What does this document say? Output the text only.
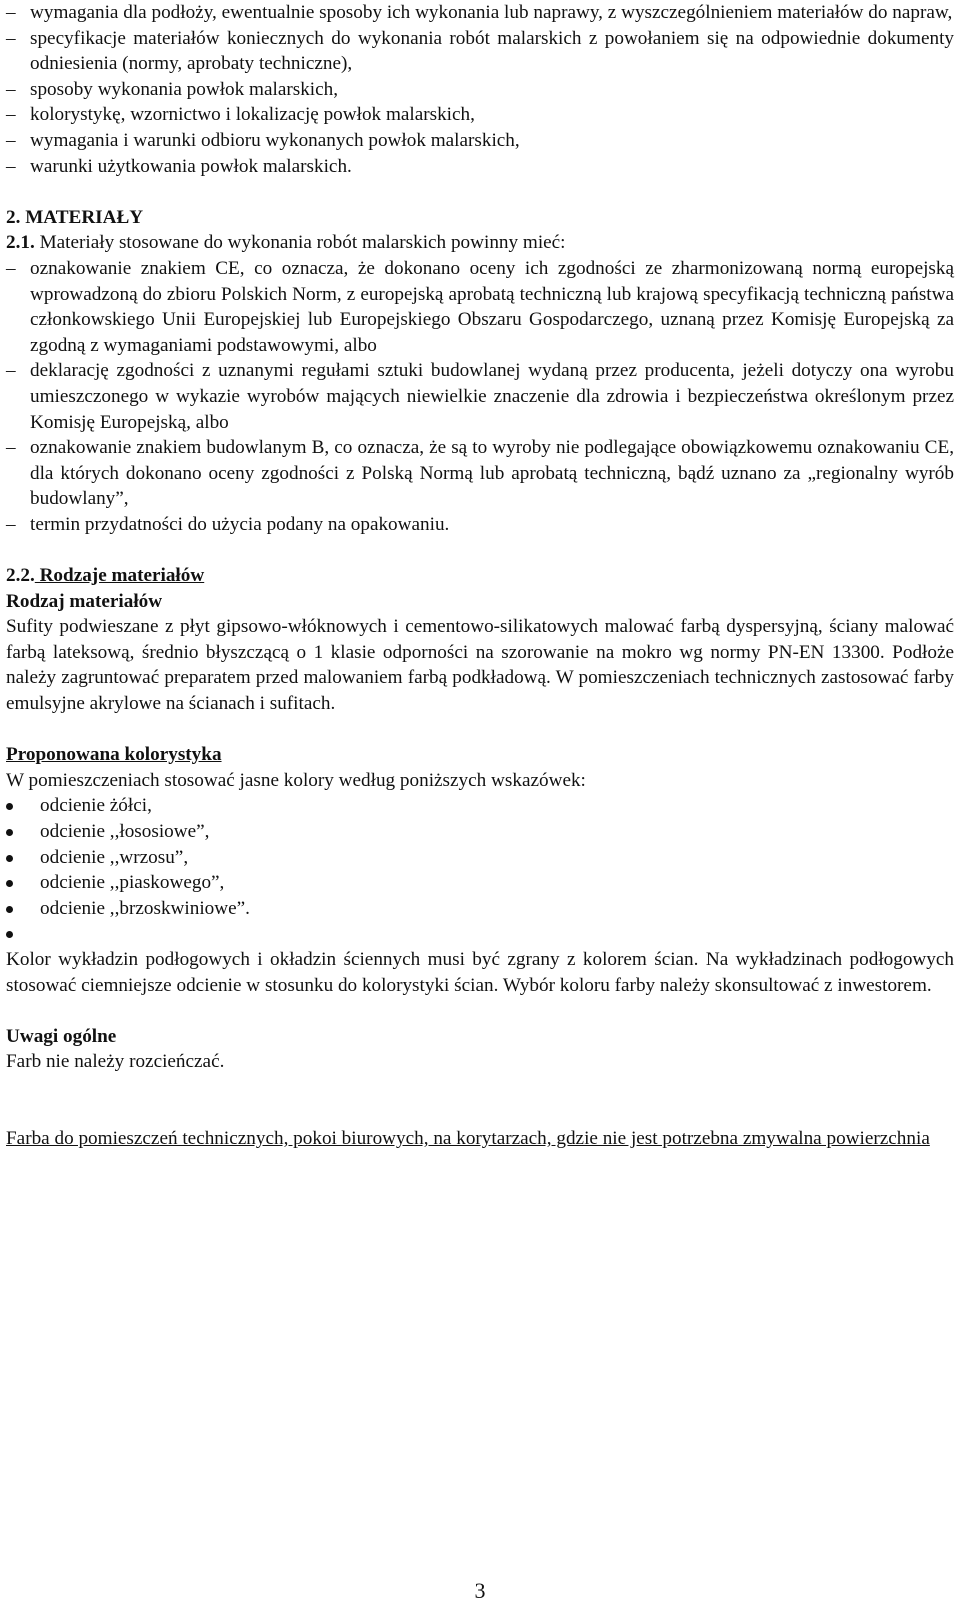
– wymagania dla podłoży, ewentualnie sposoby ich wykonania lub naprawy, z wyszczególnieniem materiałów do napraw,

– specyfikacje materiałów koniecznych do wykonania robót malarskich z powołaniem się na odpowiednie dokumenty odniesienia (normy, aprobaty techniczne),

– sposoby wykonania powłok malarskich,

– kolorystykę, wzornictwo i lokalizację powłok malarskich,

– wymagania i warunki odbioru wykonanych powłok malarskich,

– warunki użytkowania powłok malarskich.

2. MATERIAŁY

2.1. Materiały stosowane do wykonania robót malarskich powinny mieć:

– oznakowanie znakiem CE, co oznacza, że dokonano oceny ich zgodności ze zharmonizowaną normą europejską wprowadzoną do zbioru Polskich Norm, z europejską aprobatą techniczną lub krajową specyfikacją techniczną państwa członkowskiego Unii Europejskiej lub Europejskiego Obszaru Gospodarczego, uznaną przez Komisję Europejską za zgodną z wymaganiami podstawowymi, albo

– deklarację zgodności z uznanymi regułami sztuki budowlanej wydaną przez producenta, jeżeli dotyczy ona wyrobu umieszczonego w wykazie wyrobów mających niewielkie znaczenie dla zdrowia i bezpieczeństwa określonym przez Komisję Europejską, albo

– oznakowanie znakiem budowlanym B, co oznacza, że są to wyroby nie podlegające obowiązkowemu oznakowaniu CE, dla których dokonano oceny zgodności z Polską Normą lub aprobatą techniczną, bądź uznano za „regionalny wyrób budowlany”,

– termin przydatności do użycia podany na opakowaniu.

2.2. Rodzaje materiałów

Rodzaj materiałów

Sufity podwieszane z płyt gipsowo-włóknowych i cementowo-silikatowych malować farbą dyspersyjną, ściany malować farbą lateksową, średnio błyszczącą o 1 klasie odporności na szorowanie na mokro wg normy PN-EN 13300. Podłoże należy zagruntować preparatem przed malowaniem farbą podkładową. W pomieszczeniach technicznych zastosować farby emulsyjne akrylowe na ścianach i sufitach.

Proponowana kolorystyka

W pomieszczeniach stosować jasne kolory według poniższych wskazówek:

odcienie żółci,

odcienie ,,łososiowe”,

odcienie ,,wrzosu”,

odcienie ,,piaskowego”,

odcienie ,,brzoskwiniowe”.

Kolor wykładzin podłogowych i okładzin ściennych musi być zgrany z kolorem ścian. Na wykładzinach podłogowych stosować ciemniejsze odcienie w stosunku do kolorystyki ścian. Wybór koloru farby należy skonsultować z inwestorem.

Uwagi ogólne

Farb nie należy rozcieńczać.

Farba do pomieszczeń technicznych, pokoi biurowych, na korytarzach, gdzie nie jest potrzebna zmywalna powierzchnia

3
